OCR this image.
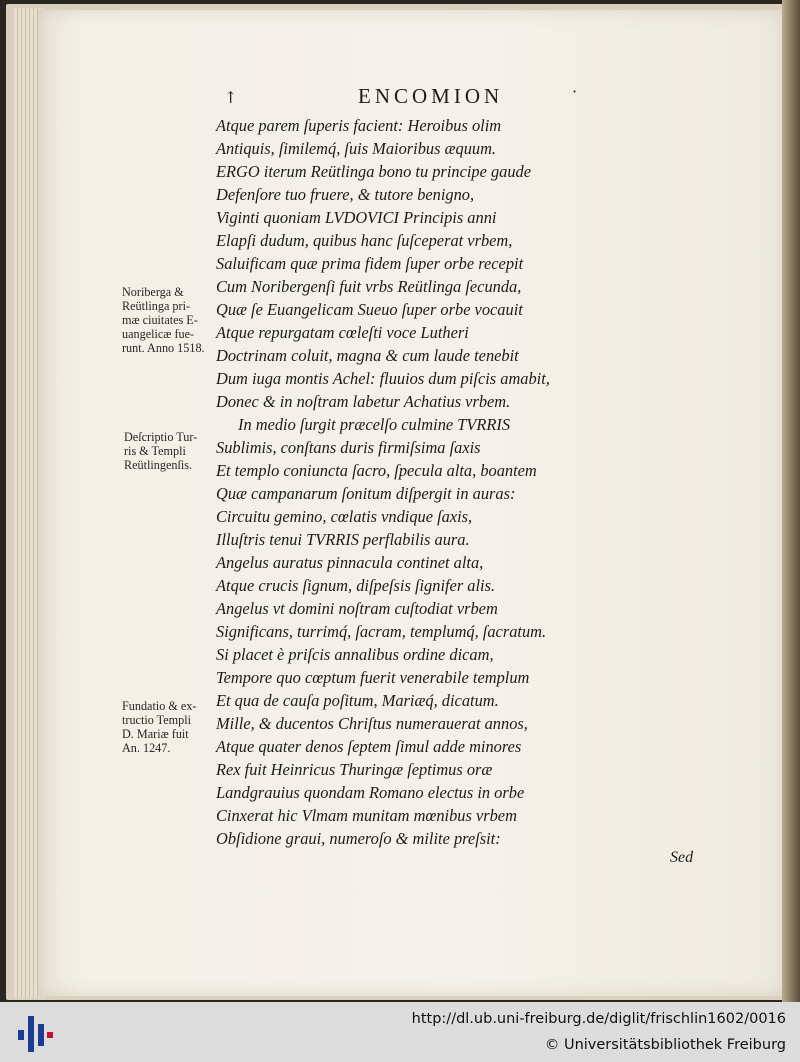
↑	ENCOMION	·
Atque parem ſuperis facient: Heroibus olim
Antiquis, ſimilemq́, ſuis Maioribus æquum.
ERGO iterum Reütlinga bono tu principe gaude
Defenſore tuo fruere, & tutore benigno,
Viginti quoniam LVDOVICI Principis anni
Elapſi dudum, quibus hanc ſuſceperat vrbem,
Saluificam quæ prima fidem ſuper orbe recepit
Cum Noribergenſi fuit vrbs Reütlinga ſecunda,
Quæ ſe Euangelicam Sueuo ſuper orbe vocauit
Atque repurgatam cœleſti voce Lutheri
Doctrinam coluit, magna & cum laude tenebit
Dum iuga montis Achel: fluuios dum piſcis amabit,
Donec & in noſtram labetur Achatius vrbem.
In medio ſurgit præcelſo culmine TVRRIS
Sublimis, conſtans duris firmiſsima ſaxis
Et templo coniuncta ſacro, ſpecula alta, boantem
Quæ campanarum ſonitum diſpergit in auras:
Circuitu gemino, cœlatis vndique ſaxis,
Illuſtris tenui TVRRIS perflabilis aura.
Angelus auratus pinnacula continet alta,
Atque crucis ſignum, diſpeſsis ſignifer alis.
Angelus vt domini noſtram cuſtodiat vrbem
Significans, turrimq́, ſacram, templumq́, ſacratum.
Si placet è priſcis annalibus ordine dicam,
Tempore quo cœptum fuerit venerabile templum
Et qua de cauſa poſitum, Mariæq́, dicatum.
Mille, & ducentos Chriſtus numerauerat annos,
Atque quater denos ſeptem ſimul adde minores
Rex fuit Heinricus Thuringæ ſeptimus oræ
Landgrauius quondam Romano electus in orbe
Cinxerat hic Vlmam munitam mœnibus vrbem
Obſidione graui, numeroſo & milite preſsit:
Noriberga &
Reütlinga pri-
mæ ciuitates E-
uangelicæ fue-
runt. Anno 1518.
Deſcriptio Tur-
ris & Templi
Reütlingenſis.
Fundatio & ex-
tructio Templi
D. Mariæ fuit
An. 1247.
Sed
http://dl.ub.uni-freiburg.de/diglit/frischlin1602/0016
© Universitätsbibliothek Freiburg
